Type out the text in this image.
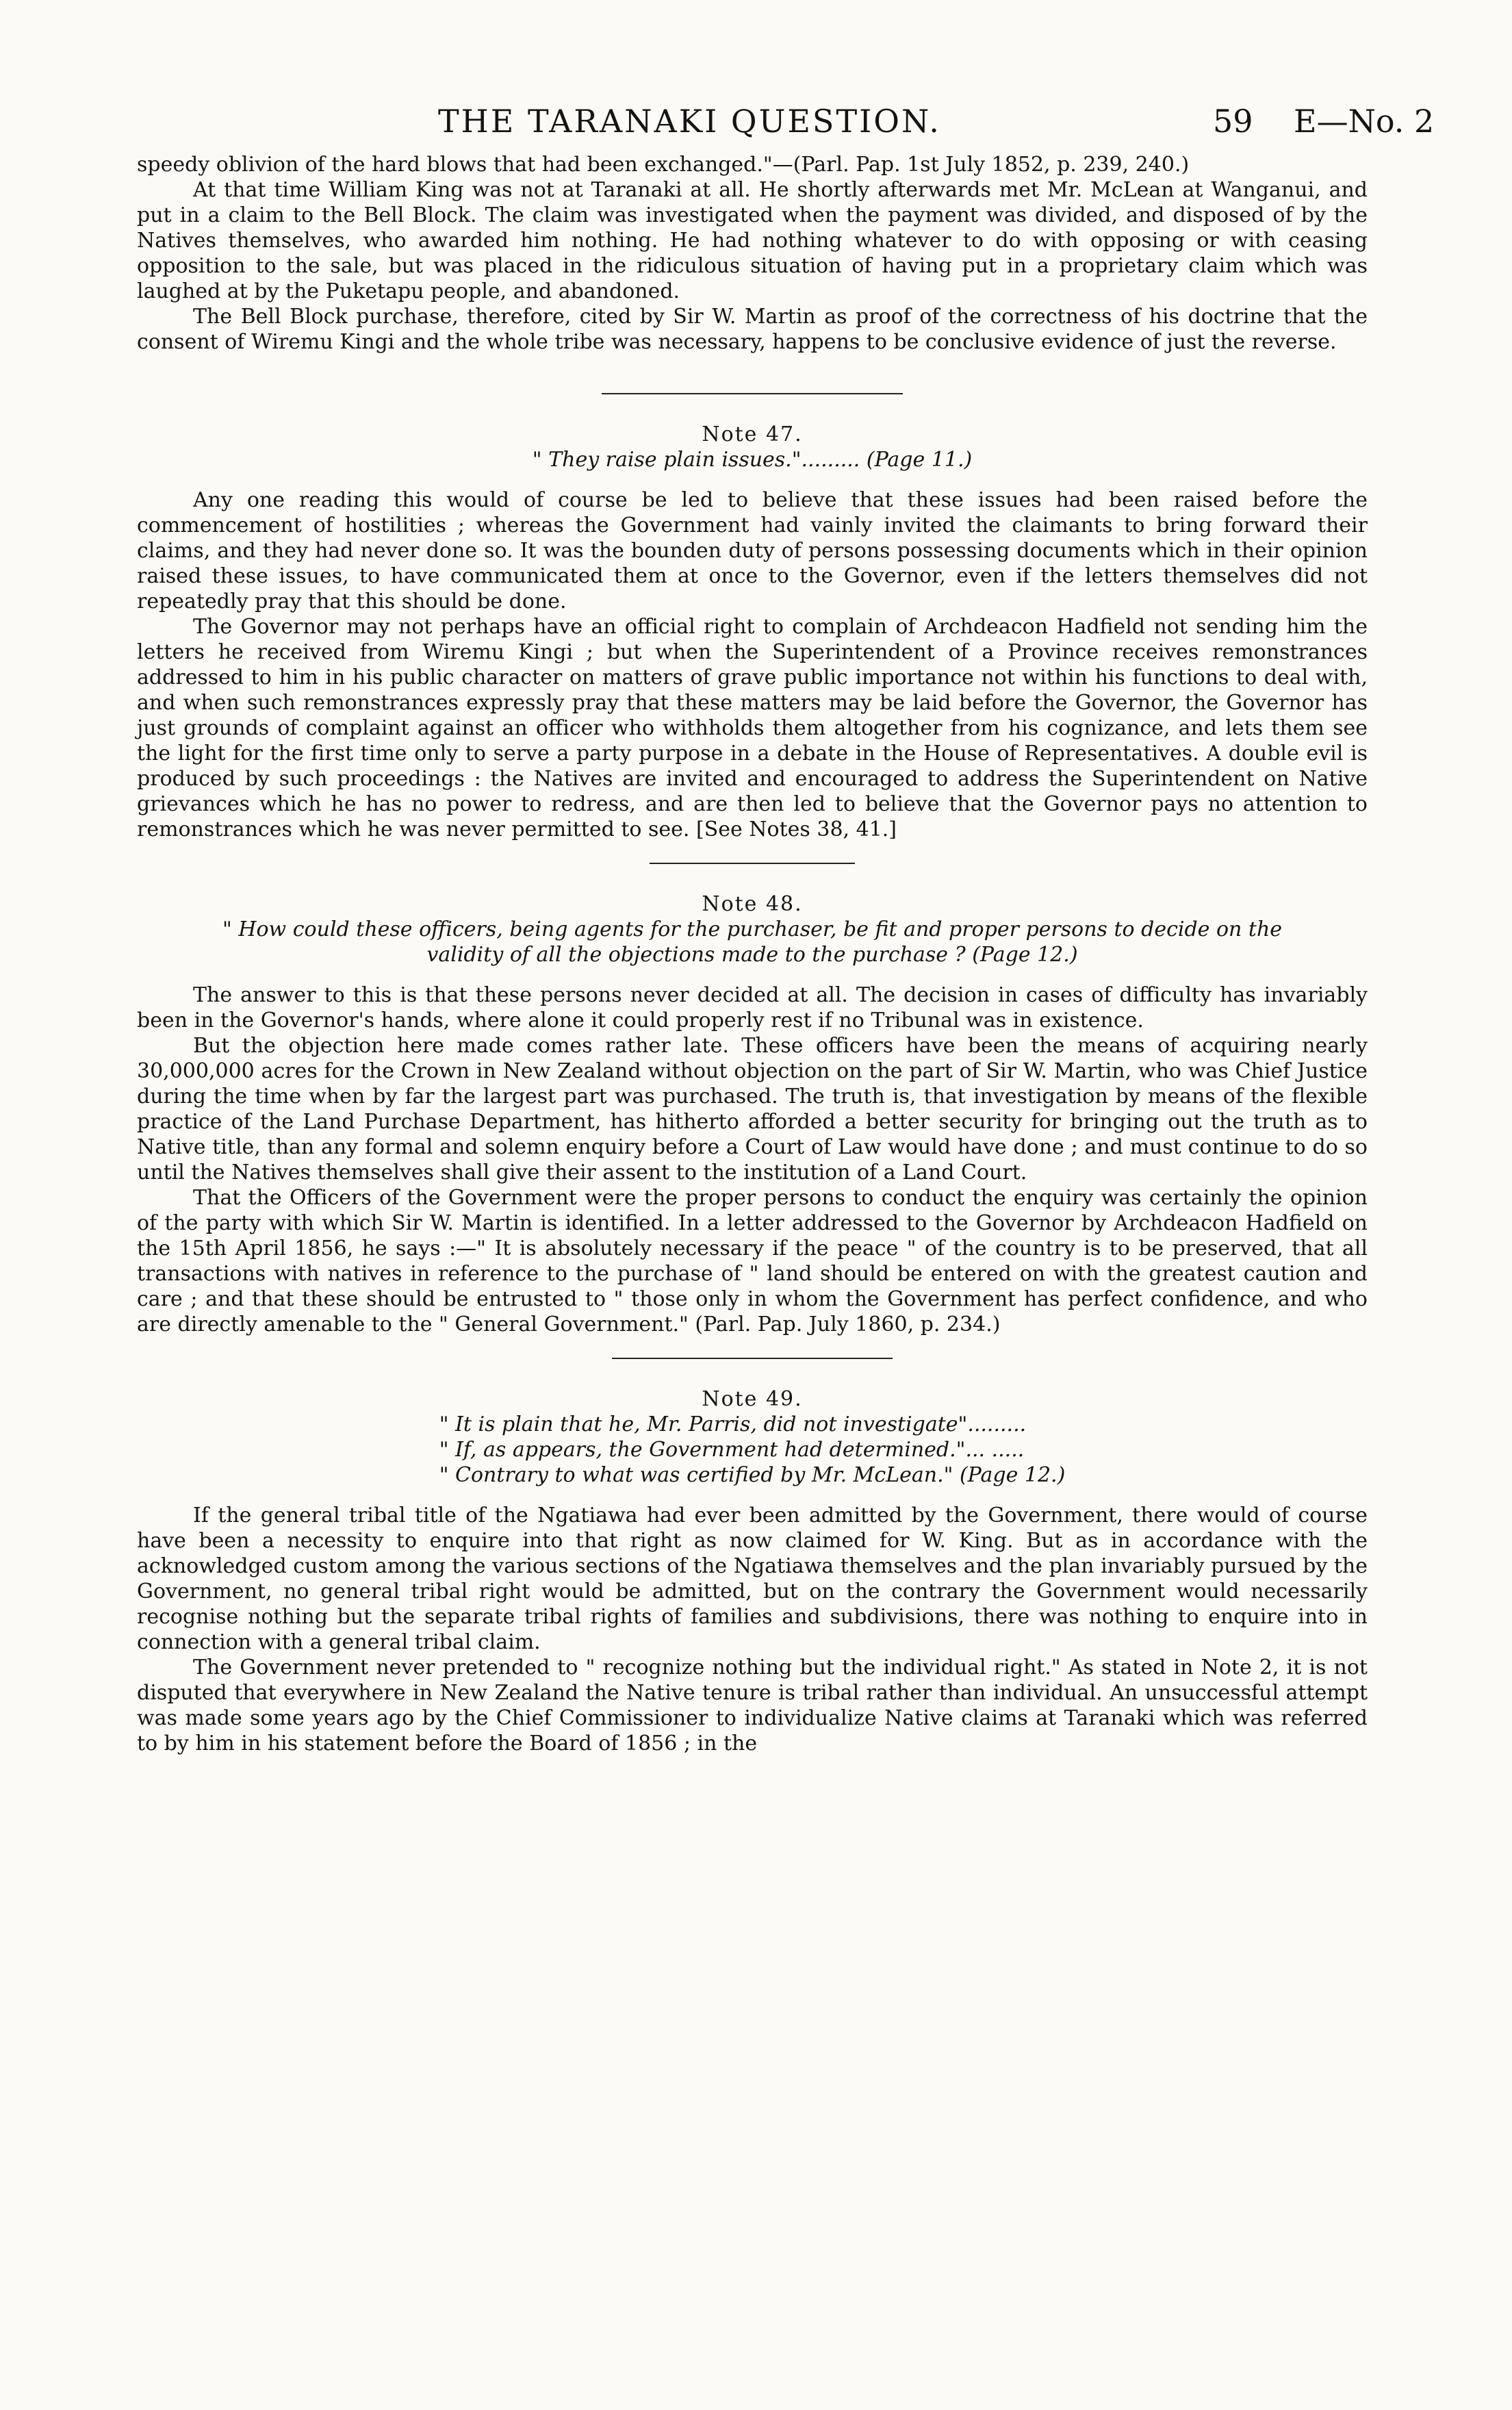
THE TARANAKI QUESTION.	59 E—No. 2

speedy oblivion of the hard blows that had been exchanged."—(Parl. Pap. 1st July 1852, p. 239, 240.)

At that time William King was not at Taranaki at all. He shortly afterwards met Mr. McLean at Wanganui, and put in a claim to the Bell Block. The claim was investigated when the payment was divided, and disposed of by the Natives themselves, who awarded him nothing. He had nothing whatever to do with opposing or with ceasing opposition to the sale, but was placed in the ridiculous situation of having put in a proprietary claim which was laughed at by the Puketapu people, and abandoned.

The Bell Block purchase, therefore, cited by Sir W. Martin as proof of the correctness of his doctrine that the consent of Wiremu Kingi and the whole tribe was necessary, happens to be conclusive evidence of just the reverse.

Note 47.

" They raise plain issues."......... (Page 11.)

Any one reading this would of course be led to believe that these issues had been raised before the commencement of hostilities ; whereas the Government had vainly invited the claimants to bring forward their claims, and they had never done so. It was the bounden duty of persons possessing documents which in their opinion raised these issues, to have communicated them at once to the Governor, even if the letters themselves did not repeatedly pray that this should be done.

The Governor may not perhaps have an official right to complain of Archdeacon Hadfield not sending him the letters he received from Wiremu Kingi ; but when the Superintendent of a Province receives remonstrances addressed to him in his public character on matters of grave public importance not within his functions to deal with, and when such remonstrances expressly pray that these matters may be laid before the Governor, the Governor has just grounds of complaint against an officer who withholds them altogether from his cognizance, and lets them see the light for the first time only to serve a party purpose in a debate in the House of Representatives. A double evil is produced by such proceedings : the Natives are invited and encouraged to address the Superintendent on Native grievances which he has no power to redress, and are then led to believe that the Governor pays no attention to remonstrances which he was never permitted to see. [See Notes 38, 41.]

Note 48.

" How could these officers, being agents for the purchaser, be fit and proper persons to decide on the

validity of all the objections made to the purchase ? (Page 12.)

The answer to this is that these persons never decided at all. The decision in cases of difficulty has invariably been in the Governor's hands, where alone it could properly rest if no Tribunal was in existence.

But the objection here made comes rather late. These officers have been the means of acquiring nearly 30,000,000 acres for the Crown in New Zealand without objection on the part of Sir W. Martin, who was Chief Justice during the time when by far the largest part was purchased. The truth is, that investigation by means of the flexible practice of the Land Purchase Department, has hitherto afforded a better security for bringing out the truth as to Native title, than any formal and solemn enquiry before a Court of Law would have done ; and must continue to do so until the Natives themselves shall give their assent to the institution of a Land Court.

That the Officers of the Government were the proper persons to conduct the enquiry was certainly the opinion of the party with which Sir W. Martin is identified. In a letter addressed to the Governor by Archdeacon Hadfield on the 15th April 1856, he says :—" It is absolutely necessary if the peace " of the country is to be preserved, that all transactions with natives in reference to the purchase of " land should be entered on with the greatest caution and care ; and that these should be entrusted to " those only in whom the Government has perfect confidence, and who are directly amenable to the " General Government." (Parl. Pap. July 1860, p. 234.)

Note 49.

" It is plain that he, Mr. Parris, did not investigate".........

" If, as appears, the Government had determined."... .....

" Contrary to what was certified by Mr. McLean." (Page 12.)

If the general tribal title of the Ngatiawa had ever been admitted by the Government, there would of course have been a necessity to enquire into that right as now claimed for W. King. But as in accordance with the acknowledged custom among the various sections of the Ngatiawa themselves and the plan invariably pursued by the Government, no general tribal right would be admitted, but on the contrary the Government would necessarily recognise nothing but the separate tribal rights of families and subdivisions, there was nothing to enquire into in connection with a general tribal claim.

The Government never pretended to " recognize nothing but the individual right." As stated in Note 2, it is not disputed that everywhere in New Zealand the Native tenure is tribal rather than individual. An unsuccessful attempt was made some years ago by the Chief Commissioner to individualize Native claims at Taranaki which was referred to by him in his statement before the Board of 1856 ; in the
